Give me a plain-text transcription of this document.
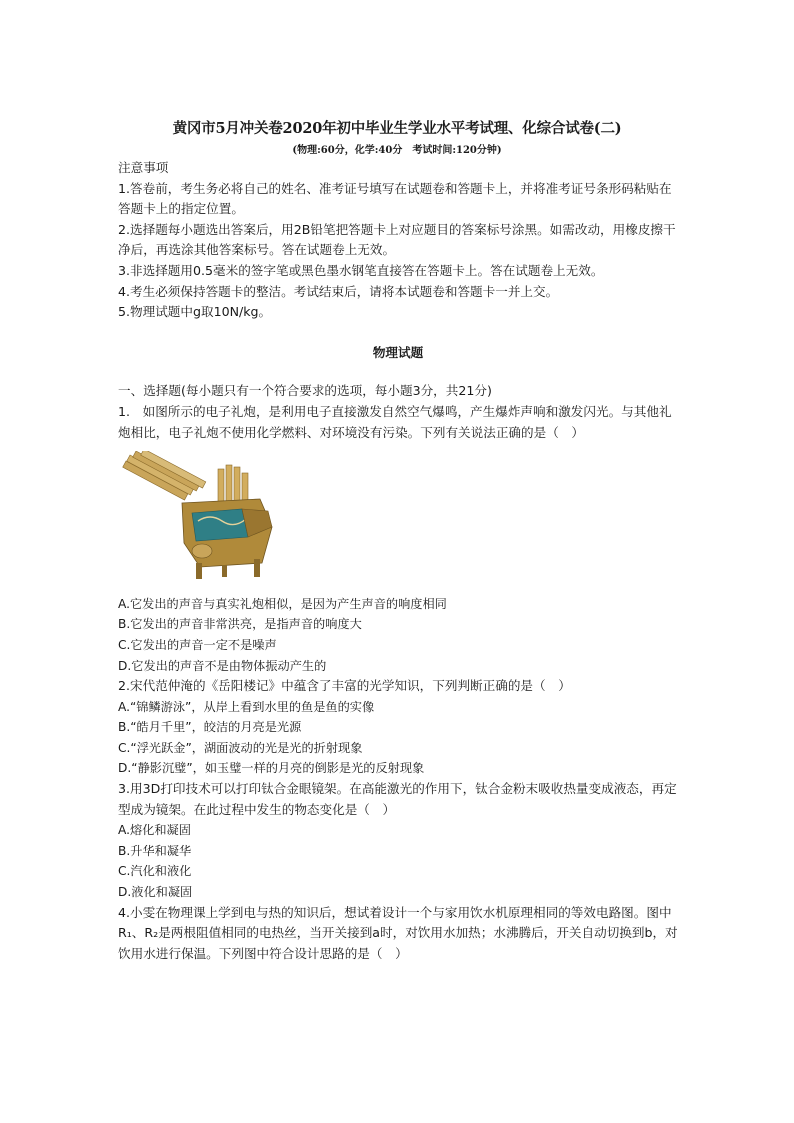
黄冈市5月冲关卷2020年初中毕业生学业水平考试理、化综合试卷(二)
(物理:60分，化学:40分　考试时间:120分钟)

注意事项

1.答卷前，考生务必将自己的姓名、准考证号填写在试题卷和答题卡上，并将准考证号条形码粘贴在答题卡上的指定位置。

2.选择题每小题选出答案后，用2B铅笔把答题卡上对应题目的答案标号涂黑。如需改动，用橡皮擦干净后，再选涂其他答案标号。答在试题卷上无效。

3.非选择题用0.5毫米的签字笔或黑色墨水钢笔直接答在答题卡上。答在试题卷上无效。

4.考生必须保持答题卡的整洁。考试结束后，请将本试题卷和答题卡一并上交。

5.物理试题中g取10N/kg。

物理试题

一、选择题(每小题只有一个符合要求的选项，每小题3分，共21分)

1.　如图所示的电子礼炮，是利用电子直接激发自然空气爆鸣，产生爆炸声响和激发闪光。与其他礼炮相比，电子礼炮不使用化学燃料、对环境没有污染。下列有关说法正确的是（　）

A.它发出的声音与真实礼炮相似，是因为产生声音的响度相同

B.它发出的声音非常洪亮，是指声音的响度大

C.它发出的声音一定不是噪声

D.它发出的声音不是由物体振动产生的

2.宋代范仲淹的《岳阳楼记》中蕴含了丰富的光学知识，下列判断正确的是（　）

A.“锦鳞游泳”，从岸上看到水里的鱼是鱼的实像

B.“皓月千里”，皎洁的月亮是光源

C.“浮光跃金”，湖面波动的光是光的折射现象

D.“静影沉璧”，如玉璧一样的月亮的倒影是光的反射现象

3.用3D打印技术可以打印钛合金眼镜架。在高能激光的作用下，钛合金粉末吸收热量变成液态，再定型成为镜架。在此过程中发生的物态变化是（　）

A.熔化和凝固

B.升华和凝华

C.汽化和液化

D.液化和凝固

4.小雯在物理课上学到电与热的知识后，想试着设计一个与家用饮水机原理相同的等效电路图。图中R₁、R₂是两根阻值相同的电热丝，当开关接到a时，对饮用水加热；水沸腾后，开关自动切换到b，对饮用水进行保温。下列图中符合设计思路的是（　）
